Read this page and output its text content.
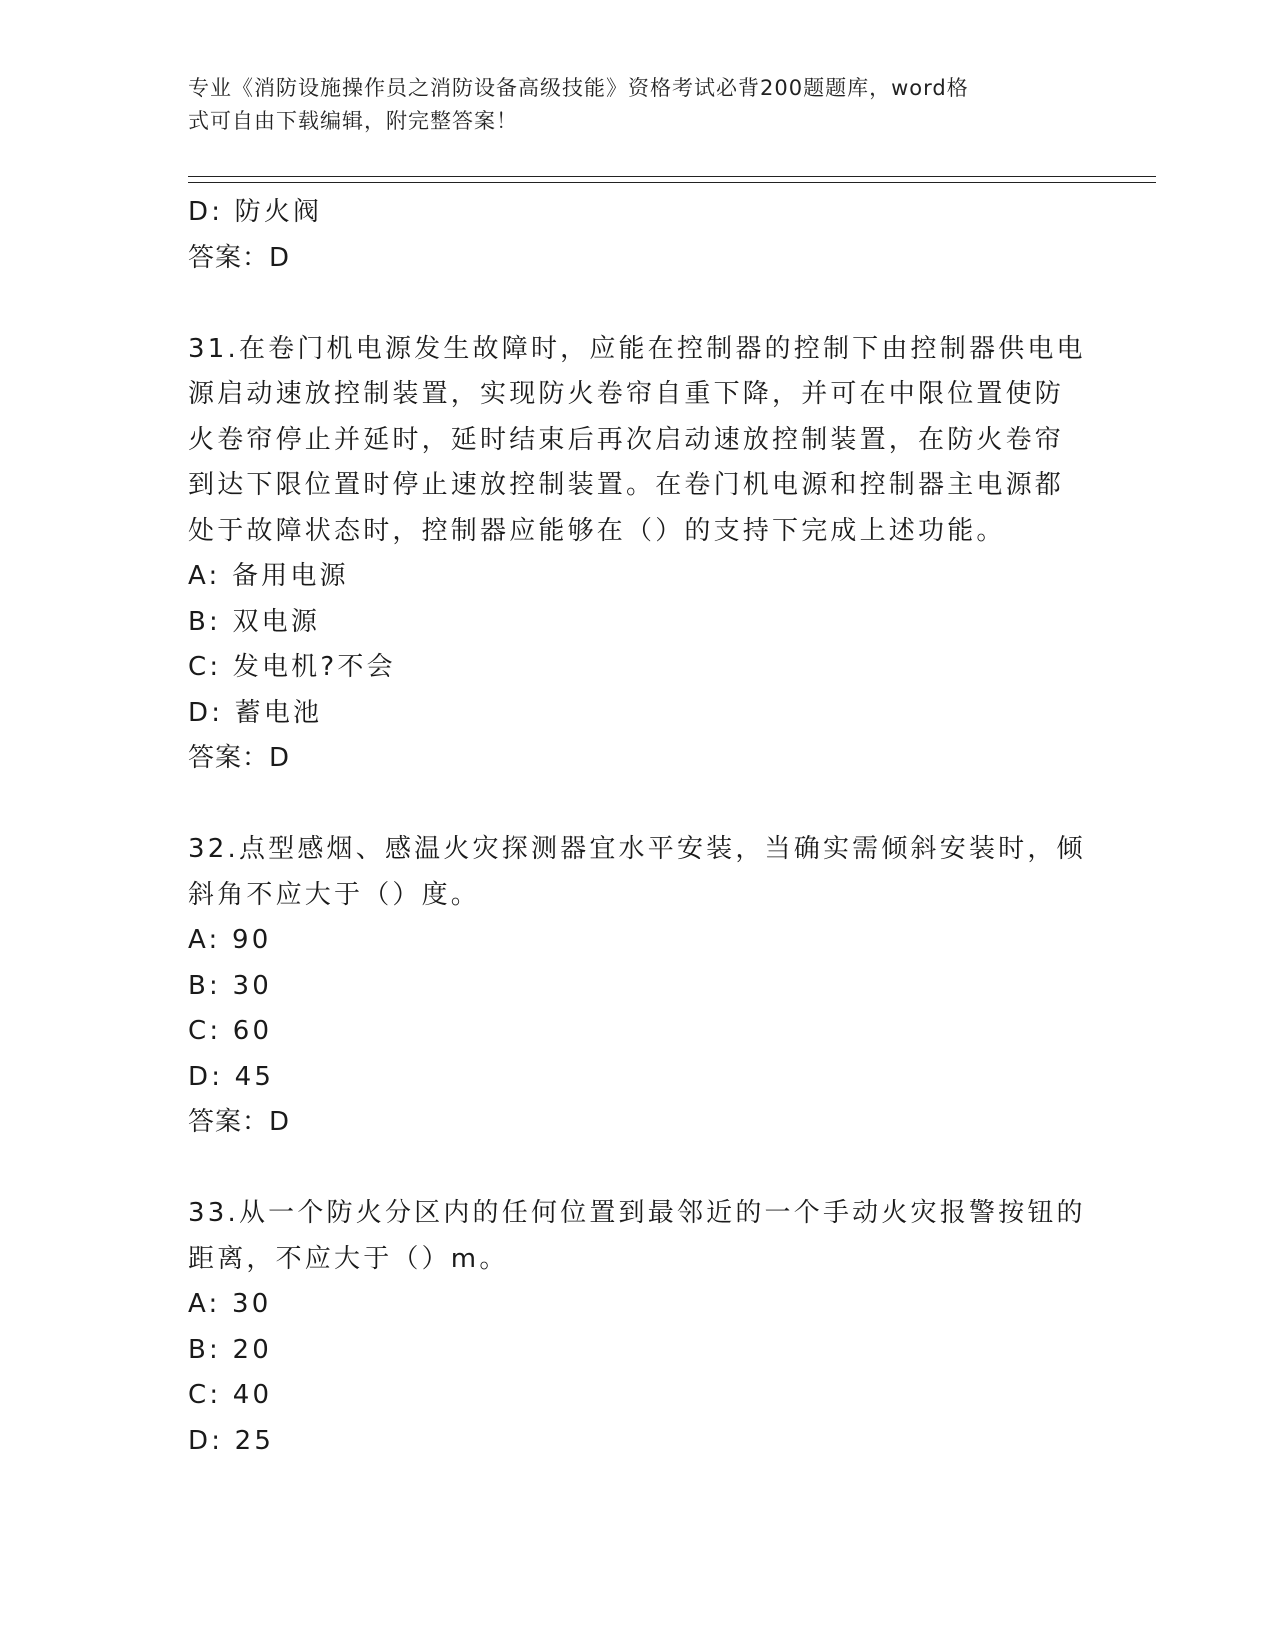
专业《消防设施操作员之消防设备高级技能》资格考试必背200题题库，word格
式可自由下载编辑，附完整答案！
D: 防火阀
答案：D
31.在卷门机电源发生故障时，应能在控制器的控制下由控制器供电电
源启动速放控制装置，实现防火卷帘自重下降，并可在中限位置使防
火卷帘停止并延时，延时结束后再次启动速放控制装置，在防火卷帘
到达下限位置时停止速放控制装置。在卷门机电源和控制器主电源都
处于故障状态时，控制器应能够在（）的支持下完成上述功能。
A: 备用电源
B: 双电源
C: 发电机?不会
D: 蓄电池
答案：D
32.点型感烟、感温火灾探测器宜水平安装，当确实需倾斜安装时，倾
斜角不应大于（）度。
A: 90
B: 30
C: 60
D: 45
答案：D
33.从一个防火分区内的任何位置到最邻近的一个手动火灾报警按钮的
距离，不应大于（）m。
A: 30
B: 20
C: 40
D: 25
